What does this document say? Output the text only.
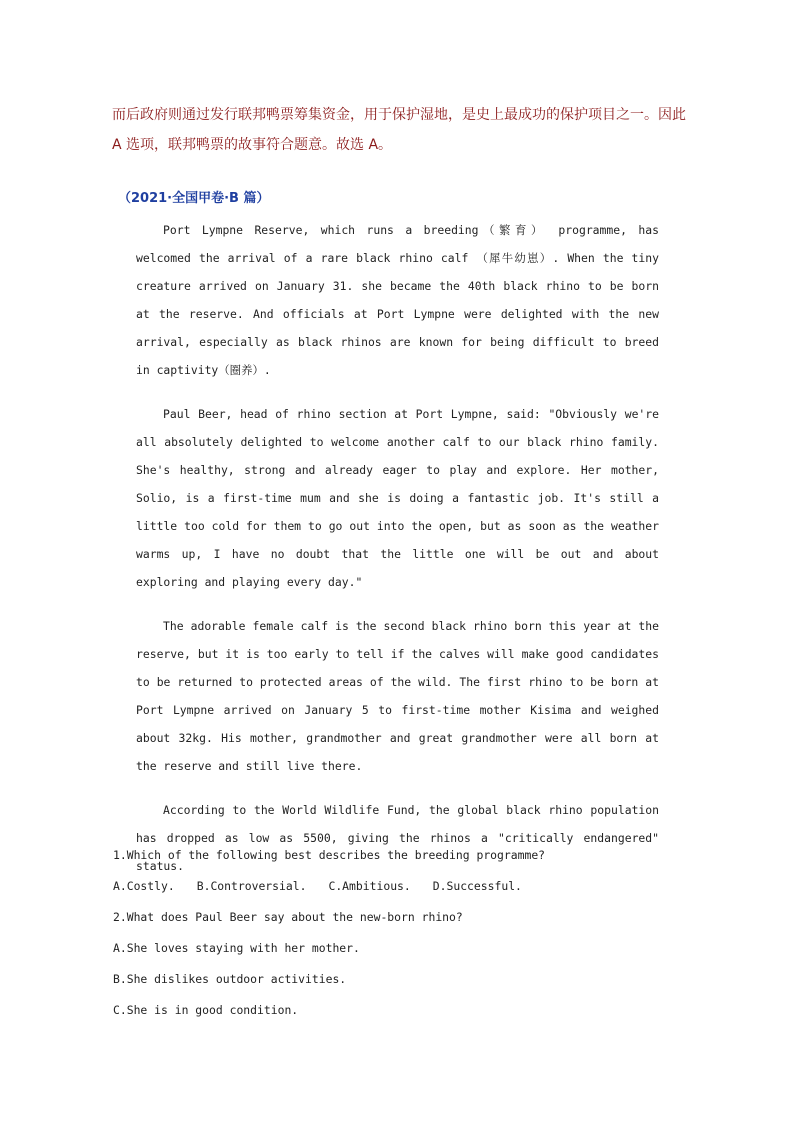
而后政府则通过发行联邦鸭票筹集资金，用于保护湿地，是史上最成功的保护项目之一。因此 A 选项，联邦鸭票的故事符合题意。故选 A。
（2021·全国甲卷·B 篇）

Port Lympne Reserve, which runs a breeding（繁育） programme, has welcomed the arrival of a rare black rhino calf （犀牛幼崽）. When the tiny creature arrived on January 31. she became the 40th black rhino to be born at the reserve. And officials at Port Lympne were delighted with the new arrival, especially as black rhinos are known for being difficult to breed in captivity（圈养）.

Paul Beer, head of rhino section at Port Lympne, said: "Obviously we're all absolutely delighted to welcome another calf to our black rhino family. She's healthy, strong and already eager to play and explore. Her mother, Solio, is a first-time mum and she is doing a fantastic job. It's still a little too cold for them to go out into the open, but as soon as the weather warms up, I have no doubt that the little one will be out and about exploring and playing every day."

The adorable female calf is the second black rhino born this year at the reserve, but it is too early to tell if the calves will make good candidates to be returned to protected areas of the wild. The first rhino to be born at Port Lympne arrived on January 5 to first-time mother Kisima and weighed about 32kg. His mother, grandmother and great grandmother were all born at the reserve and still live there.

According to the World Wildlife Fund, the global black rhino population has dropped as low as 5500, giving the rhinos a "critically endangered" status.

1.Which of the following best describes the breeding programme?
A.Costly. B.Controversial. C.Ambitious. D.Successful.
2.What does Paul Beer say about the new-born rhino?
A.She loves staying with her mother.
B.She dislikes outdoor activities.
C.She is in good condition.
